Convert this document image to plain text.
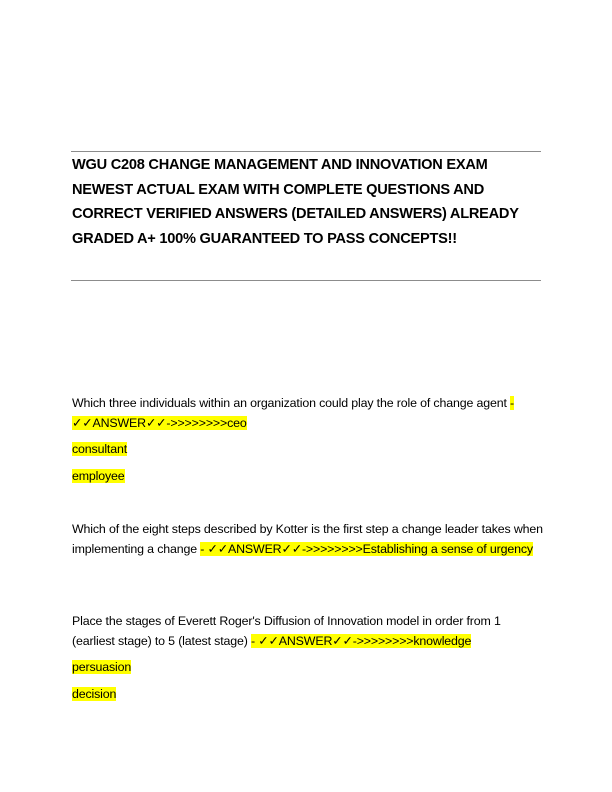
WGU C208 CHANGE MANAGEMENT AND INNOVATION EXAM NEWEST ACTUAL EXAM WITH COMPLETE QUESTIONS AND CORRECT VERIFIED ANSWERS (DETAILED ANSWERS) ALREADY GRADED A+ 100% GUARANTEED TO PASS CONCEPTS!!

Which three individuals within an organization could play the role of change agent - ✓✓ANSWER✓✓->>>>>>>>ceo

consultant

employee

Which of the eight steps described by Kotter is the first step a change leader takes when implementing a change - ✓✓ANSWER✓✓->>>>>>>>Establishing a sense of urgency

Place the stages of Everett Roger's Diffusion of Innovation model in order from 1 (earliest stage) to 5 (latest stage) - ✓✓ANSWER✓✓->>>>>>>>knowledge

persuasion

decision
